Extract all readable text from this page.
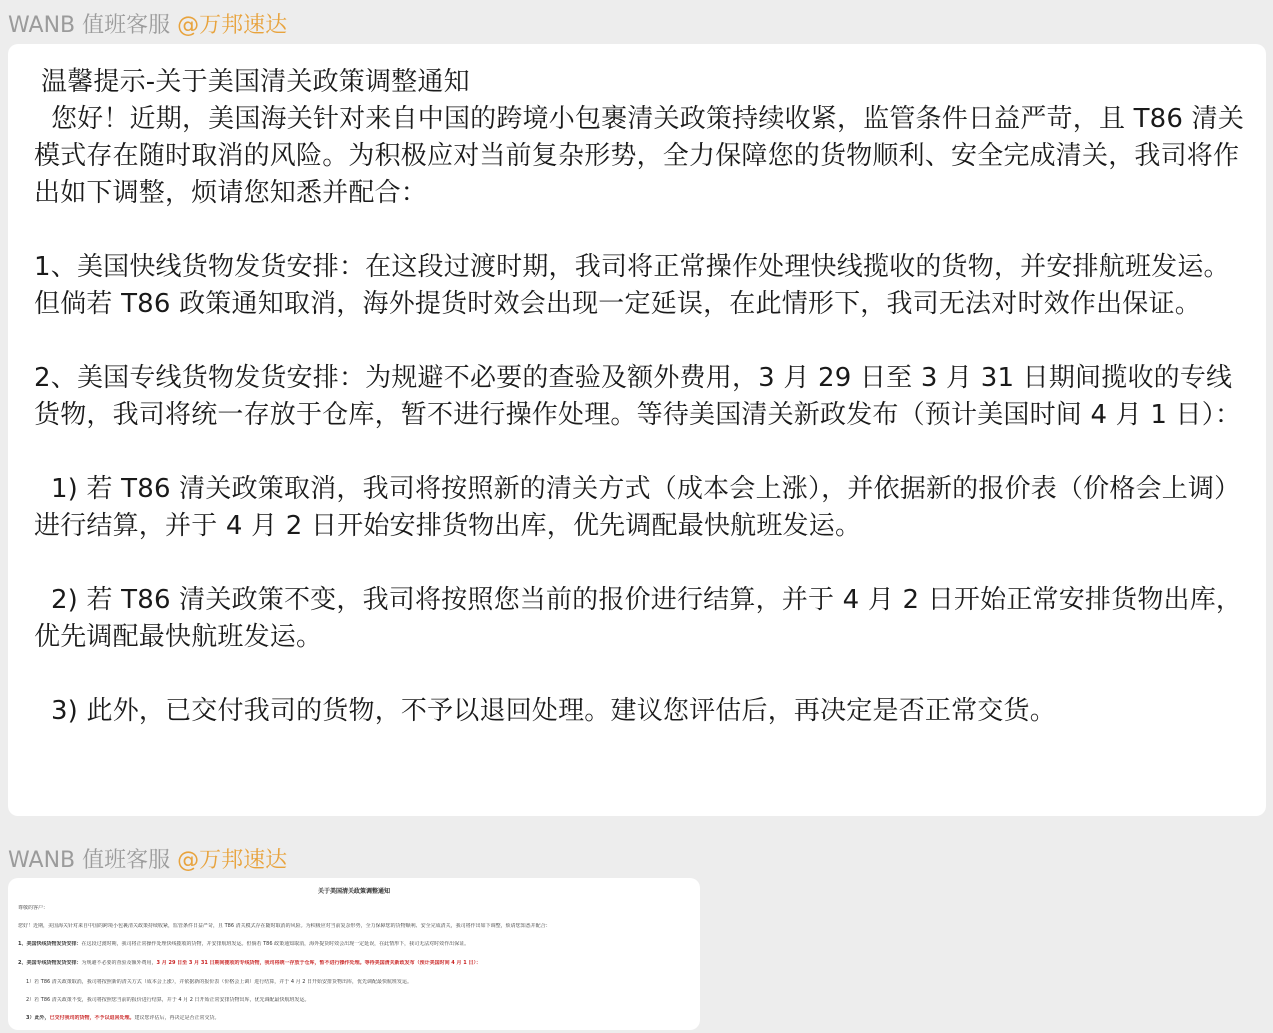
WANB 值班客服 @万邦速达
温馨提示-关于美国清关政策调整通知
您好！近期，美国海关针对来自中国的跨境小包裹清关政策持续收紧，监管条件日益严苛，且 T86 清关模式存在随时取消的风险。为积极应对当前复杂形势，全力保障您的货物顺利、安全完成清关，我司将作出如下调整，烦请您知悉并配合：

1、美国快线货物发货安排：在这段过渡时期，我司将正常操作处理快线揽收的货物，并安排航班发运。但倘若 T86 政策通知取消，海外提货时效会出现一定延误，在此情形下，我司无法对时效作出保证。

2、美国专线货物发货安排：为规避不必要的查验及额外费用，3 月 29 日至 3 月 31 日期间揽收的专线货物，我司将统一存放于仓库，暂不进行操作处理。等待美国清关新政发布（预计美国时间 4 月 1 日）：

1) 若 T86 清关政策取消，我司将按照新的清关方式（成本会上涨），并依据新的报价表（价格会上调）进行结算，并于 4 月 2 日开始安排货物出库，优先调配最快航班发运。

2) 若 T86 清关政策不变，我司将按照您当前的报价进行结算，并于 4 月 2 日开始正常安排货物出库，优先调配最快航班发运。

3) 此外，已交付我司的货物，不予以退回处理。建议您评估后，再决定是否正常交货。
WANB 值班客服 @万邦速达
关于美国清关政策调整通知
尊敬的客户：
您好！近期，美国海关针对来自中国的跨境小包裹清关政策持续收紧，监管条件日益严苛，且 T86 清关模式存在随时取消的风险。为积极应对当前复杂形势，全力保障您的货物顺利、安全完成清关，我司将作出如下调整，烦请您知悉并配合：
1、美国快线货物发货安排：在这段过渡时期，我司将正常操作处理快线揽收的货物，并安排航班发运。但倘若 T86 政策通知取消，海外提货时效会出现一定延误，在此情形下，我司无法对时效作出保证。
2、美国专线货物发货安排：为规避不必要的查验及额外费用，3 月 29 日至 3 月 31 日期间揽收的专线货物，我司将统一存放于仓库，暂不进行操作处理。等待美国清关新政发布（预计美国时间 4 月 1 日）：
1）若 T86 清关政策取消，我司将按照新的清关方式（成本会上涨），并依据新的报价表（价格会上调）进行结算，并于 4 月 2 日开始安排货物出库，优先调配最快航班发运。
2）若 T86 清关政策不变，我司将按照您当前的报价进行结算，并于 4 月 2 日开始正常安排货物出库，优先调配最快航班发运。
3）此外，已交付我司的货物，不予以退回处理。建议您评估后，再决定是否正常交货。
